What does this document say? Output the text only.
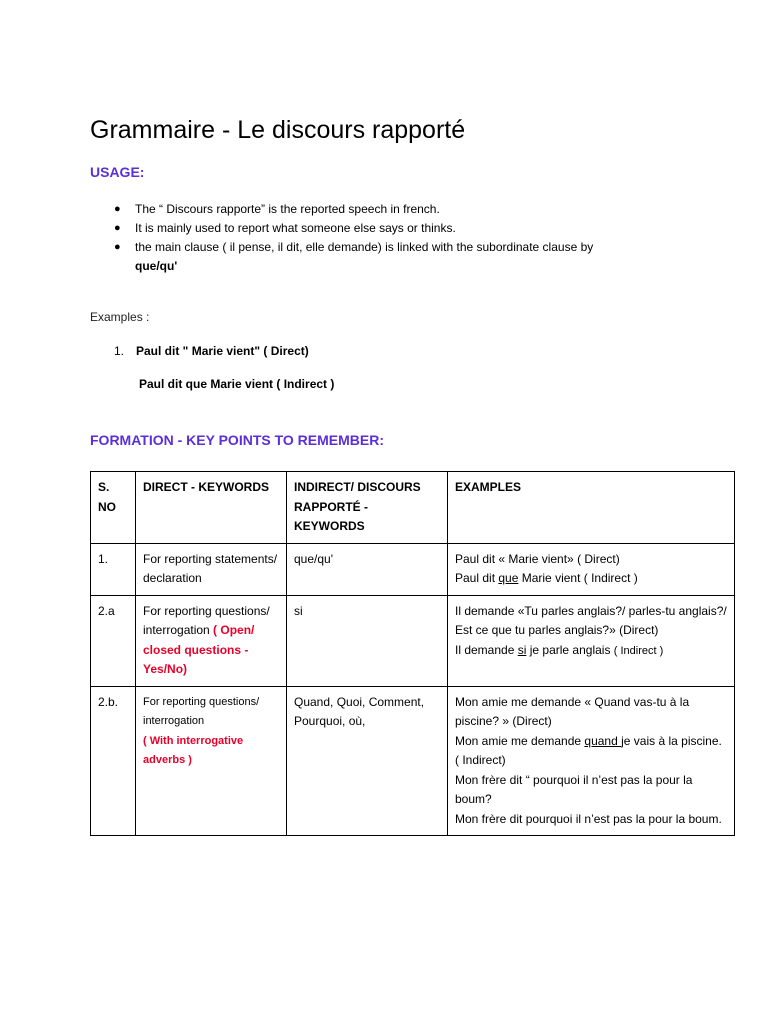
Grammaire - Le discours rapporté
USAGE:
● The “ Discours rapporte” is the reported speech in french.
● It is mainly used to report what someone else says or thinks.
● the main clause ( il pense, il dit, elle demande) is linked with the subordinate clause by
que/qu'
Examples :
1. Paul dit " Marie vient" ( Direct)
Paul dit que Marie vient ( Indirect )
FORMATION - KEY POINTS TO REMEMBER:
S.
NO	DIRECT - KEYWORDS	INDIRECT/ DISCOURS RAPPORTÉ - KEYWORDS	EXAMPLES
1.	For reporting statements/ declaration	que/qu'	Paul dit « Marie vient» ( Direct)
Paul dit que Marie vient ( Indirect )
2.a	For reporting questions/ interrogation ( Open/ closed questions - Yes/No)	si	Il demande «Tu parles anglais?/ parles-tu anglais?/ Est ce que tu parles anglais?» (Direct)
Il demande si je parle anglais ( Indirect )
2.b.	For reporting questions/ interrogation
( With interrogative adverbs )	Quand, Quoi, Comment, Pourquoi, où,	Mon amie me demande « Quand vas-tu à la piscine? » (Direct)
Mon amie me demande quand je vais à la piscine. ( Indirect)
Mon frère dit “ pourquoi il n’est pas la pour la boum?
Mon frère dit pourquoi il n’est pas la pour la boum.
